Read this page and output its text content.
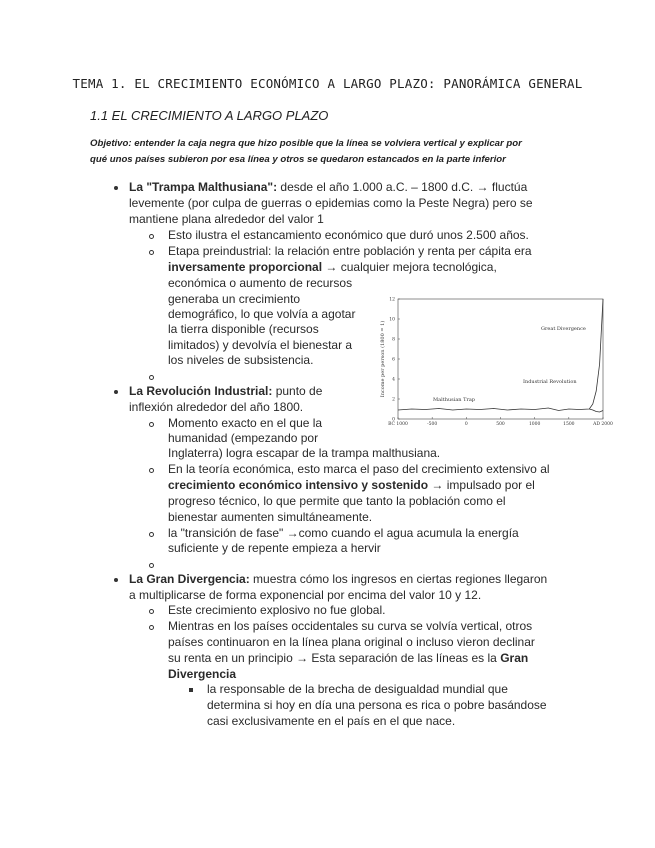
TEMA 1. EL CRECIMIENTO ECONÓMICO A LARGO PLAZO: PANORÁMICA GENERAL
1.1 EL CRECIMIENTO A LARGO PLAZO
Objetivo: entender la caja negra que hizo posible que la línea se volviera vertical y explicar por
qué unos países subieron por esa línea y otros se quedaron estancados en la parte inferior
La "Trampa Malthusiana": desde el año 1.000 a.C. – 1800 d.C. → fluctúa
levemente (por culpa de guerras o epidemias como la Peste Negra) pero se
mantiene plana alrededor del valor 1
Esto ilustra el estancamiento económico que duró unos 2.500 años.
Etapa preindustrial: la relación entre población y renta per cápita era
inversamente proporcional → cualquier mejora tecnológica,
económica o aumento de recursos
generaba un crecimiento
demográfico, lo que volvía a agotar
la tierra disponible (recursos
limitados) y devolvía el bienestar a
los niveles de subsistencia.
La Revolución Industrial: punto de
inflexión alrededor del año 1800.
Momento exacto en el que la
humanidad (empezando por
Inglaterra) logra escapar de la trampa malthusiana.
En la teoría económica, esto marca el paso del crecimiento extensivo al
crecimiento económico intensivo y sostenido → impulsado por el
progreso técnico, lo que permite que tanto la población como el
bienestar aumenten simultáneamente.
la "transición de fase" →como cuando el agua acumula la energía
suficiente y de repente empieza a hervir
La Gran Divergencia: muestra cómo los ingresos en ciertas regiones llegaron
a multiplicarse de forma exponencial por encima del valor 10 y 12.
Este crecimiento explosivo no fue global.
Mientras en los países occidentales su curva se volvía vertical, otros
países continuaron en la línea plana original o incluso vieron declinar
su renta en un principio → Esta separación de las líneas es la Gran
Divergencia
la responsable de la brecha de desigualdad mundial que
determina si hoy en día una persona es rica o pobre basándose
casi exclusivamente en el país en el que nace.
Income per person (1800 = 1)
0
2
4
6
8
10
12
BC 1000	-500	0	500	1000	1500	AD 2000
Great Divergence
Industrial Revolution
Malthusian Trap
